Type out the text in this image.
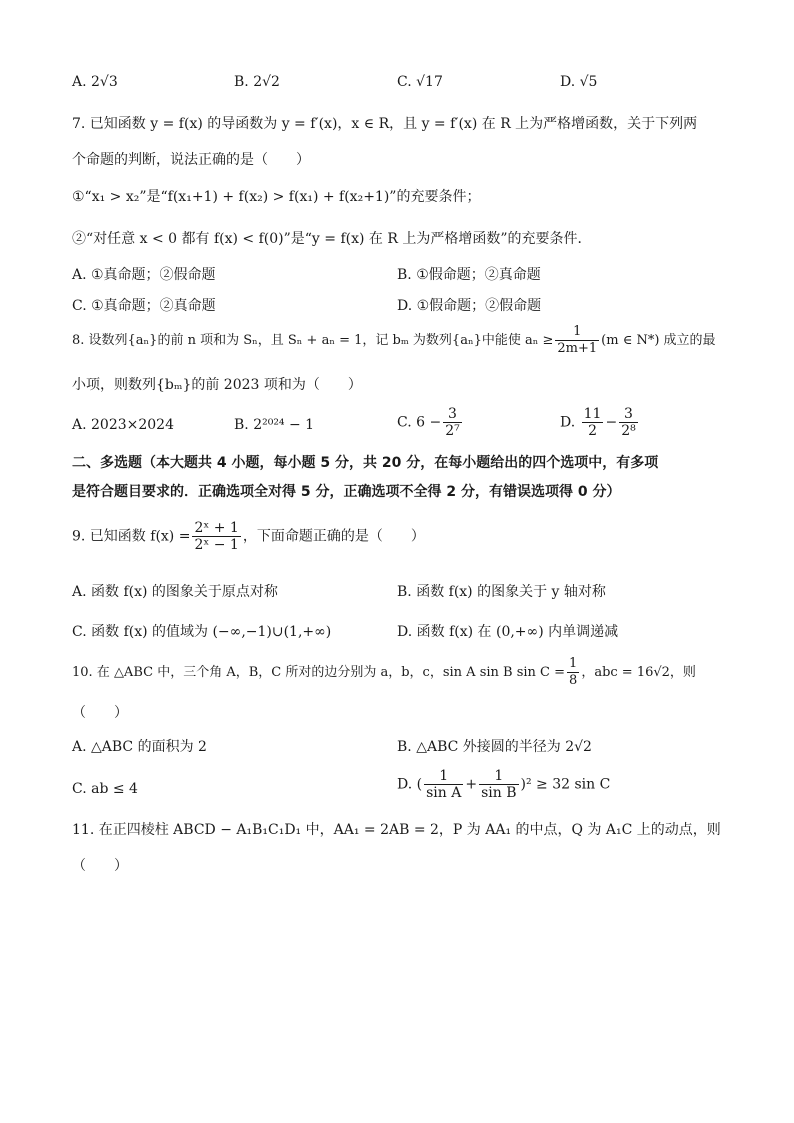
A. 2√3	B. 2√2	C. √17	D. √5
7. 已知函数 y = f(x) 的导函数为 y = f′(x)，x ∈ R，且 y = f′(x) 在 R 上为严格增函数，关于下列两
个命题的判断，说法正确的是（　　）
①“x₁ > x₂”是“f(x₁+1) + f(x₂) > f(x₁) + f(x₂+1)”的充要条件；
②“对任意 x < 0 都有 f(x) < f(0)”是“y = f(x) 在 R 上为严格增函数”的充要条件．
A. ①真命题；②假命题	B. ①假命题；②真命题
C. ①真命题；②真命题	D. ①假命题；②假命题
8. 设数列{aₙ}的前 n 项和为 Sₙ，且 Sₙ + aₙ = 1，记 bₘ 为数列{aₙ}中能使 $a_n \ge \frac{1}{2m+1} (m$ ∈ N*) 成立的最
小项，则数列{bₘ}的前 2023 项和为（　　）
A. 2023×2024	B. 2²⁰²⁴ − 1	C. $6 - \frac{3}{\text{2⁷}}$	D. $\frac{11}{2} - \frac{3}{\text{2⁸}}$
二、多选题（本大题共 4 小题，每小题 5 分，共 20 分，在每小题给出的四个选项中，有多项
是符合题目要求的．正确选项全对得 5 分，正确选项不全得 2 分，有错误选项得 0 分）
9. 已知函数 $f(x) = \frac{\text{2ˣ + 1}}{\text{2ˣ − 1}}$ ，下面命题正确的是（　　）
A. 函数 f(x) 的图象关于原点对称	B. 函数 f(x) 的图象关于 y 轴对称
C. 函数 f(x) 的值域为 (−∞,−1)∪(1,+∞)	D. 函数 f(x) 在 (0,+∞) 内单调递减
10. 在 △ABC 中，三个角 A，B，C 所对的边分别为 a，b，c，sin A sin B $\sin C = \frac{1}{8}$ ，abc = 16√2，则
（　　）
A. △ABC 的面积为 2	B. △ABC 外接圆的半径为 2√2
C. ab ≤ 4	D. ( $\frac{1}{\text{sin A}} + \frac{1}{\text{sin B}} )^2 \ge 32$ sin C
11. 在正四棱柱 ABCD − A₁B₁C₁D₁ 中，AA₁ = 2AB = 2，P 为 AA₁ 的中点，Q 为 A₁C 上的动点，则
（　　）
